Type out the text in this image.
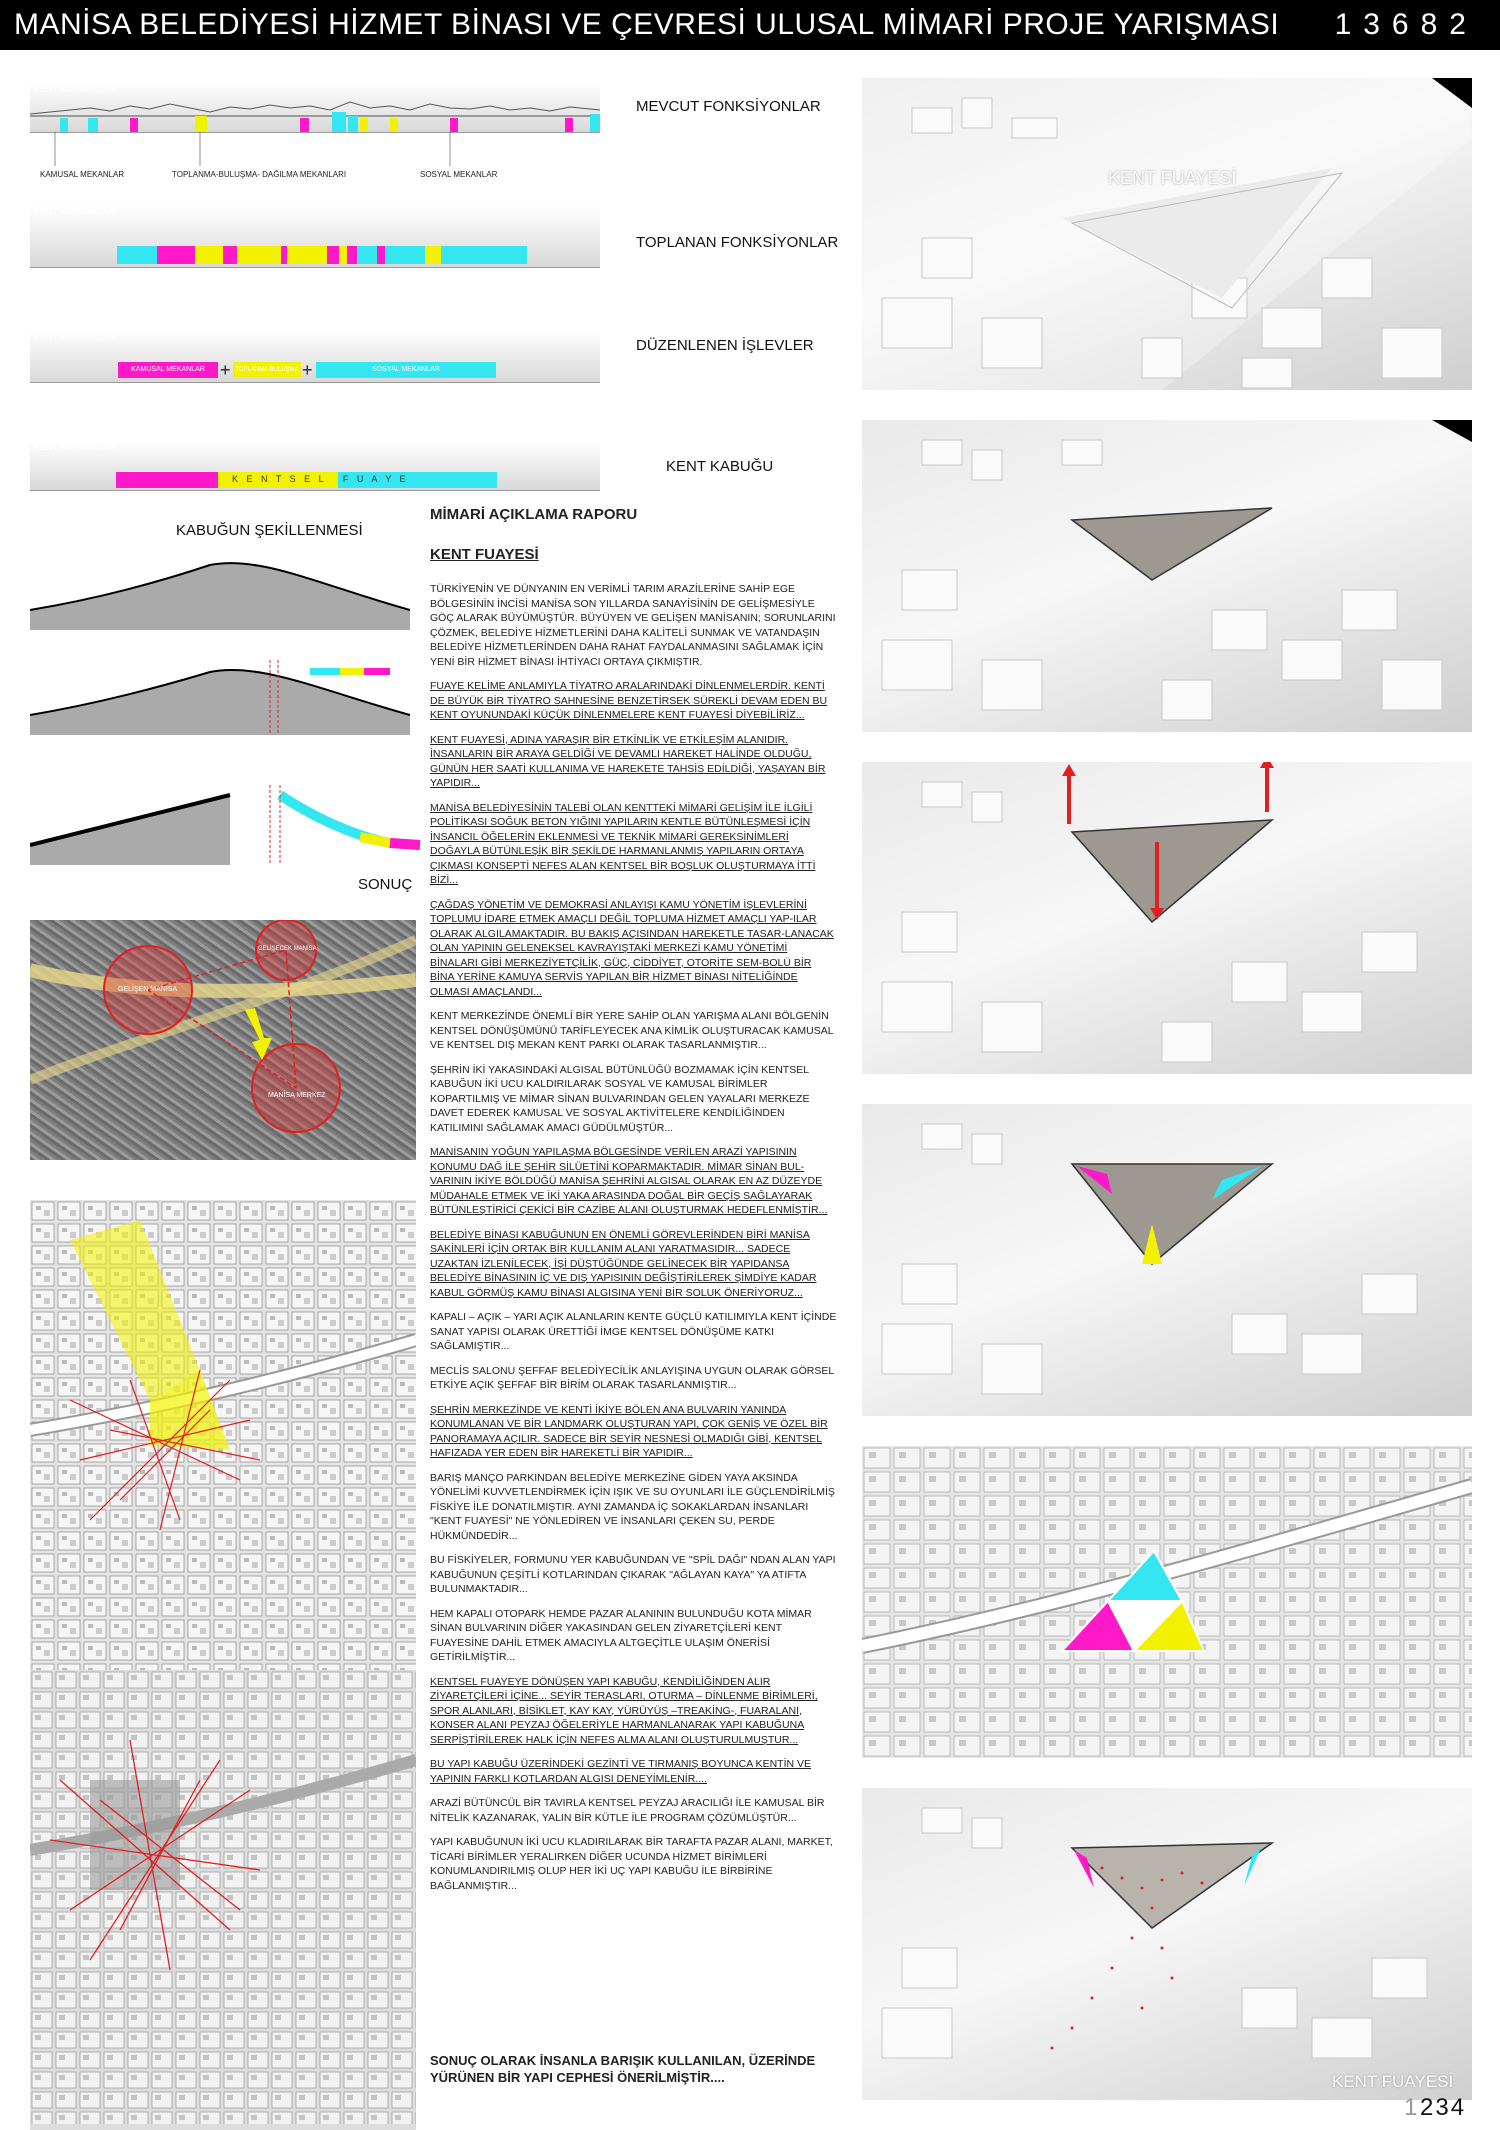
MANİSA BELEDİYESİ HİZMET BİNASI VE ÇEVRESİ ULUSAL MİMARİ PROJE YARIŞMASI 13682
KENT KATMANLARI
KAMUSAL MEKANLAR	TOPLANMA-BULUŞMA- DAĞILMA MEKANLARI	SOSYAL MEKANLAR
MEVCUT FONKSİYONLAR
KENT KATMANLARI
TOPLANAN FONKSİYONLAR
KENT KATMANLARI
KAMUSAL MEKANLAR + TOPLANMA BULUŞMA +	SOSYAL MEKANLAR
DÜZENLENEN İŞLEVLER
KENT KATMANLARI
K E N T S E L   F U A Y E
KENT KABUĞU
KABUĞUN ŞEKİLLENMESİ
SONUÇ
GELİŞEN MANİSA
GELİŞECEK MANİSA
MANİSA MERKEZ
MİMARİ AÇIKLAMA RAPORU
KENT FUAYESİ

TÜRKİYENİN VE DÜNYANIN EN VERİMLİ TARIM ARAZİLERİNE SAHİP EGE BÖLGESİNİN İNCİSİ MANİSA SON YILLARDA SANAYİSİNİN DE GELİŞMESİYLE GÖÇ ALARAK BÜYÜMÜŞTÜR. BÜYÜYEN VE GELİŞEN MANİSANIN; SORUNLARINI ÇÖZMEK, BELEDİYE HİZMETLERİNİ DAHA KALİTELİ SUNMAK VE VATANDAŞIN BELEDİYE HİZMETLERİNDEN DAHA RAHAT FAYDALANMASINI SAĞLAMAK İÇİN YENİ BİR HİZMET BİNASI İHTİYACI ORTAYA ÇIKMIŞTIR.

FUAYE KELİME ANLAMIYLA TİYATRO ARALARINDAKİ DİNLENMELERDİR. KENTİ DE BÜYÜK BİR TİYATRO SAHNESİNE BENZETİRSEK SÜREKLİ DEVAM EDEN BU KENT OYUNUNDAKİ KÜÇÜK DİNLENMELERE KENT FUAYESİ DİYEBİLİRİZ...

KENT FUAYESİ, ADINA YARAŞIR BİR ETKİNLİK VE ETKİLEŞİM ALANIDIR. İNSANLARIN BİR ARAYA GELDİĞİ VE DEVAMLI HAREKET HALİNDE OLDUĞU, GÜNÜN HER SAATİ KULLANIMA VE HAREKETE TAHSİS EDİLDİĞİ, YAŞAYAN BİR YAPIDIR...

MANİSA BELEDİYESİNİN TALEBİ OLAN KENTTEKİ MİMARİ GELİŞİM İLE İLGİLİ POLİTİKASI SOĞUK BETON YIĞINI YAPILARIN KENTLE BÜTÜNLEŞMESİ İÇİN İNSANCIL ÖĞELERİN EKLENMESİ VE TEKNİK MİMARİ GEREKSİNİMLERİ DOĞAYLA BÜTÜNLEŞİK BİR ŞEKİLDE HARMANLANMIŞ YAPILARIN ORTAYA ÇIKMASI KONSEPTİ NEFES ALAN KENTSEL BİR BOŞLUK OLUŞTURMAYA İTTİ BİZİ...

ÇAĞDAŞ YÖNETİM VE DEMOKRASİ ANLAYIŞI KAMU YÖNETİM İŞLEVLERİNİ TOPLUMU İDARE ETMEK AMAÇLI DEĞİL TOPLUMA HİZMET AMAÇLI YAP-ILAR OLARAK ALGILAMAKTADIR. BU BAKIŞ AÇISINDAN HAREKETLE TASAR-LANACAK OLAN YAPININ GELENEKSEL KAVRAYIŞTAKİ MERKEZİ KAMU YÖNETİMİ BİNALARI GİBİ MERKEZİYETÇİLİK, GÜÇ, CİDDİYET, OTORİTE SEM-BOLÜ BİR BİNA YERİNE KAMUYA SERVİS YAPILAN BİR HİZMET BİNASI NİTELİĞİNDE OLMASI AMAÇLANDI...

KENT MERKEZİNDE ÖNEMLİ BİR YERE SAHİP OLAN YARIŞMA ALANI BÖLGENİN KENTSEL DÖNÜŞÜMÜNÜ TARİFLEYECEK ANA KİMLİK OLUŞTURACAK KAMUSAL VE KENTSEL DIŞ MEKAN KENT PARKI OLARAK TASARLANMIŞTIR...

ŞEHRİN İKİ YAKASINDAKİ ALGISAL BÜTÜNLÜĞÜ BOZMAMAK İÇİN KENTSEL KABUĞUN İKİ UCU KALDIRILARAK SOSYAL VE KAMUSAL BİRİMLER KOPARTILMIŞ VE MİMAR SİNAN BULVARINDAN GELEN YAYALARI MERKEZE DAVET EDEREK KAMUSAL VE SOSYAL AKTİVİTELERE KENDİLİĞİNDEN KATILIMINI SAĞLAMAK AMACI GÜDÜLMÜŞTÜR...

MANİSANIN YOĞUN YAPILAŞMA BÖLGESİNDE VERİLEN ARAZİ YAPISININ KONUMU DAĞ İLE ŞEHİR SİLÜETİNİ KOPARMAKTADIR. MİMAR SİNAN BUL-VARININ İKİYE BÖLDÜĞÜ MANİSA ŞEHRİNİ ALGISAL OLARAK EN AZ DÜZEYDE MÜDAHALE ETMEK VE İKİ YAKA ARASINDA DOĞAL BİR GEÇİŞ SAĞLAYARAK BÜTÜNLEŞTİRİCİ ÇEKİCİ BİR CAZİBE ALANI OLUŞTURMAK HEDEFLENMİŞTİR...

BELEDİYE BİNASI KABUĞUNUN EN ÖNEMLİ GÖREVLERİNDEN BİRİ MANİSA SAKİNLERİ İÇİN ORTAK BİR KULLANIM ALANI YARATMASIDIR... SADECE UZAKTAN İZLENİLECEK, İŞİ DÜŞTÜĞÜNDE GELİNECEK BİR YAPIDANSA BELEDİYE BİNASININ İÇ VE DIŞ YAPISININ DEĞİŞTİRİLEREK ŞİMDİYE KADAR KABUL GÖRMÜŞ KAMU BİNASI ALGISINA YENİ BİR SOLUK ÖNERİYORUZ...

KAPALI – AÇIK – YARI AÇIK ALANLARIN KENTE GÜÇLÜ KATILIMIYLA KENT İÇİNDE SANAT YAPISI OLARAK ÜRETTİĞİ İMGE KENTSEL DÖNÜŞÜME KATKI SAĞLAMIŞTIR...

MECLİS SALONU ŞEFFAF BELEDİYECİLİK ANLAYIŞINA UYGUN OLARAK GÖRSEL ETKİYE AÇIK ŞEFFAF BİR BİRİM OLARAK TASARLANMIŞTIR...

ŞEHRİN MERKEZİNDE VE KENTİ İKİYE BÖLEN ANA BULVARIN YANINDA KONUMLANAN VE BİR LANDMARK OLUŞTURAN YAPI, ÇOK GENİŞ VE ÖZEL BİR PANORAMAYA AÇILIR. SADECE BİR SEYİR NESNESİ OLMADIĞI GİBİ, KENTSEL HAFIZADA YER EDEN BİR HAREKETLİ BİR YAPIDIR...

BARIŞ MANÇO PARKINDAN BELEDİYE MERKEZİNE GİDEN YAYA AKSINDA YÖNELİMİ KUVVETLENDİRMEK İÇİN IŞIK VE SU OYUNLARI İLE GÜÇLENDİRİLMİŞ FİSKİYE İLE DONATILMIŞTIR. AYNI ZAMANDA İÇ SOKAKLARDAN İNSANLARI "KENT FUAYESİ" NE YÖNLEDİREN VE İNSANLARI ÇEKEN SU, PERDE HÜKMÜNDEDİR...

BU FİSKİYELER, FORMUNU YER KABUĞUNDAN VE "SPİL DAĞI" NDAN ALAN YAPI KABUĞUNUN ÇEŞİTLİ KOTLARINDAN ÇIKARAK "AĞLAYAN KAYA" YA ATIFTA BULUNMAKTADIR...

HEM KAPALI OTOPARK HEMDE PAZAR ALANININ BULUNDUĞU KOTA MİMAR SİNAN BULVARININ DİĞER YAKASINDAN GELEN ZİYARETÇİLERİ KENT FUAYESİNE DAHİL ETMEK AMACIYLA ALTGEÇİTLE ULAŞIM ÖNERİSİ GETİRİLMİŞTİR...

KENTSEL FUAYEYE DÖNÜŞEN YAPI KABUĞU, KENDİLİĞİNDEN ALIR ZİYARETÇİLERİ İÇİNE... SEYİR TERASLARI, OTURMA – DİNLENME BİRİMLERİ, SPOR ALANLARI, BİSİKLET, KAY KAY, YÜRÜYÜŞ –TREAKİNG-, FUARALANI, KONSER ALANI PEYZAJ ÖĞELERİYLE HARMANLANARAK YAPI KABUĞUNA SERPİŞTİRİLEREK HALK İÇİN NEFES ALMA ALANI OLUŞTURULMUŞTUR...

BU YAPI KABUĞU ÜZERİNDEKİ GEZİNTİ VE TIRMANIŞ BOYUNCA KENTİN VE YAPININ FARKLI KOTLARDAN ALGISI DENEYİMLENİR....

ARAZİ BÜTÜNCÜL BİR TAVIRLA KENTSEL PEYZAJ ARACILIĞI İLE KAMUSAL BİR NİTELİK KAZANARAK, YALIN BİR KÜTLE İLE PROGRAM ÇÖZÜMLÜŞTÜR...

YAPI KABUĞUNUN İKİ UCU KLADIRILARAK BİR TARAFTA PAZAR ALANI, MARKET, TİCARİ BİRİMLER YERALIRKEN DİĞER UCUNDA HİZMET BİRİMLERİ KONUMLANDIRILMIŞ OLUP HER İKİ UÇ YAPI KABUĞU İLE BİRBİRİNE BAĞLANMIŞTIR...

SONUÇ OLARAK İNSANLA BARIŞIK KULLANILAN, ÜZERİNDE YÜRÜNEN BİR YAPI CEPHESİ ÖNERİLMİŞTİR....
KENT FUAYESİ
KENT FUAYESİ
1 234
